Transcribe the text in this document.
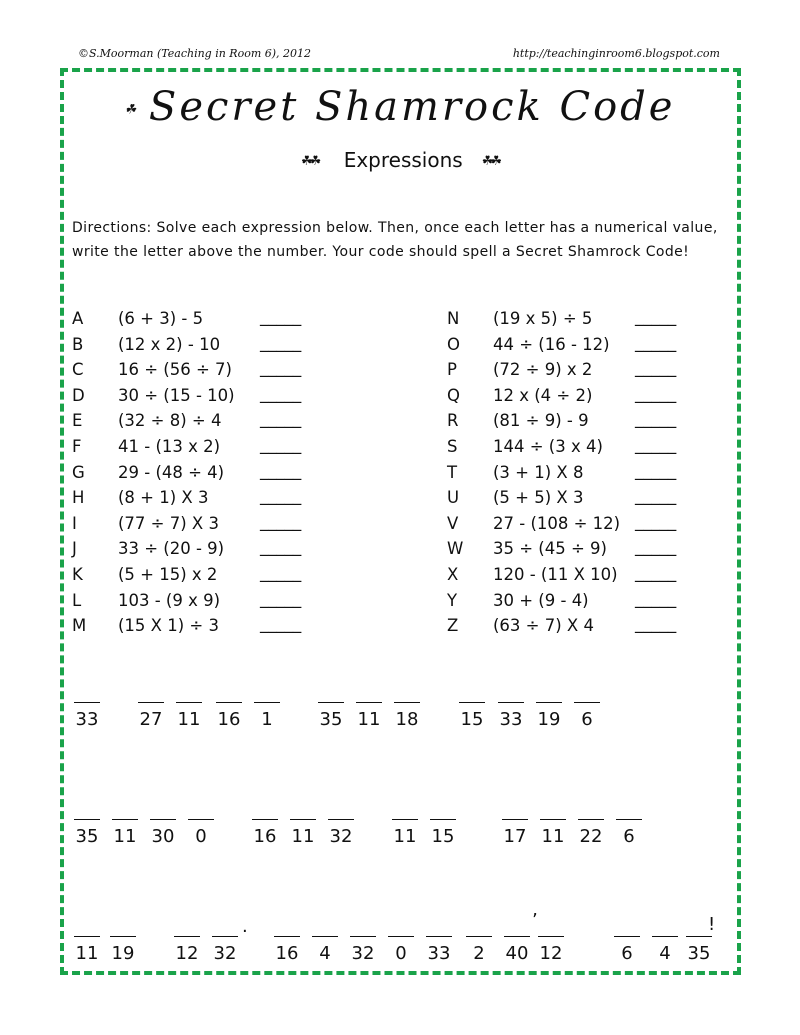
©S.Moorman (Teaching in Room 6), 2012	http://teachinginroom6.blogspot.com
☘ Secret Shamrock Code
☘☘ Expressions ☘☘
Directions: Solve each expression below. Then, once each letter has a numerical value, write the letter above the number. Your code should spell a Secret Shamrock Code!
A (6 + 3) - 5	_____
B (12 x 2) - 10 _____
C 16 ÷ (56 ÷ 7) _____
D 30 ÷ (15 - 10) _____
E (32 ÷ 8) ÷ 4 _____
F 41 - (13 x 2) _____
G 29 - (48 ÷ 4) _____
H (8 + 1) X 3	_____
I (77 ÷ 7) X 3 _____
J 33 ÷ (20 - 9) _____
K (5 + 15) x 2	_____
L 103 - (9 x 9) _____
M (15 X 1) ÷ 3 _____
N (19 x 5) ÷ 5	_____
O 44 ÷ (16 - 12) _____
P (72 ÷ 9) x 2	_____
Q 12 x (4 ÷ 2)	_____
R (81 ÷ 9) - 9	_____
S 144 ÷ (3 x 4) _____
T (3 + 1) X 8	_____
U (5 + 5) X 3	_____
V 27 - (108 ÷ 12) _____
W 35 ÷ (45 ÷ 9) _____
X 120 - (11 X 10) _____
Y 30 + (9 - 4)	_____
Z (63 ÷ 7) X 4 _____
33 27 11 16	1	35 11 18 15 33 19	6
35 11 30	0	16 11 32 11 15	17 11 22	6
11 19 12 32 16	4	32	0	33	2	40 12	6	4 35
.	’	!
